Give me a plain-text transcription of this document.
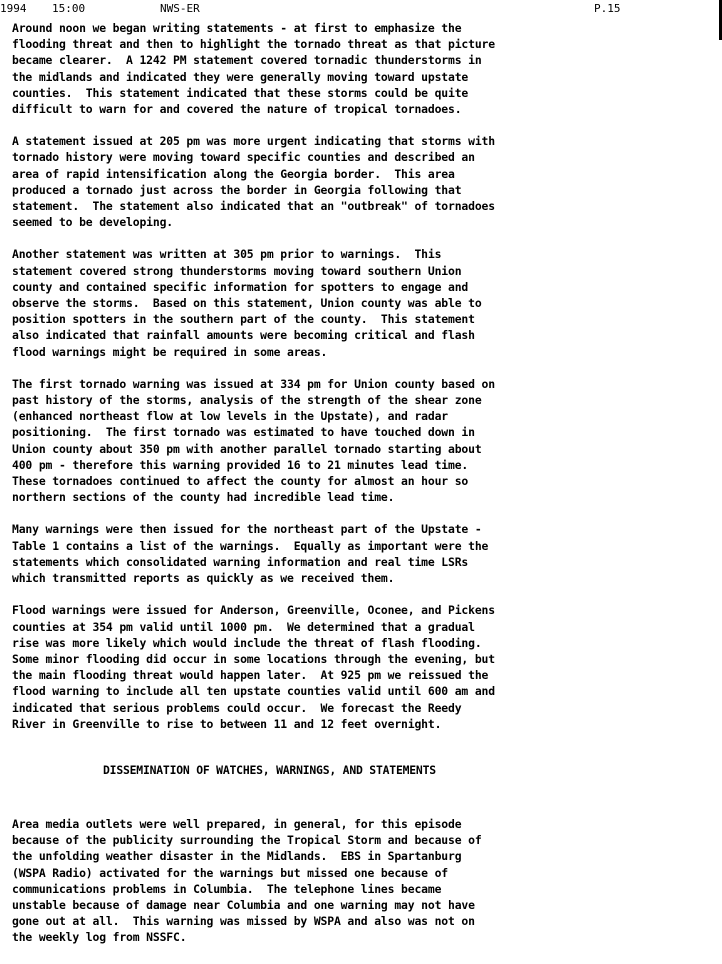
1994 15:00	NWS-ER	P.15

Around noon we began writing statements - at first to emphasize the
flooding threat and then to highlight the tornado threat as that picture
became clearer.  A 1242 PM statement covered tornadic thunderstorms in
the midlands and indicated they were generally moving toward upstate
counties.  This statement indicated that these storms could be quite
difficult to warn for and covered the nature of tropical tornadoes.

A statement issued at 205 pm was more urgent indicating that storms with
tornado history were moving toward specific counties and described an
area of rapid intensification along the Georgia border.  This area
produced a tornado just across the border in Georgia following that
statement.  The statement also indicated that an "outbreak" of tornadoes
seemed to be developing.

Another statement was written at 305 pm prior to warnings.  This
statement covered strong thunderstorms moving toward southern Union
county and contained specific information for spotters to engage and
observe the storms.  Based on this statement, Union county was able to
position spotters in the southern part of the county.  This statement
also indicated that rainfall amounts were becoming critical and flash
flood warnings might be required in some areas.

The first tornado warning was issued at 334 pm for Union county based on
past history of the storms, analysis of the strength of the shear zone
(enhanced northeast flow at low levels in the Upstate), and radar
positioning.  The first tornado was estimated to have touched down in
Union county about 350 pm with another parallel tornado starting about
400 pm - therefore this warning provided 16 to 21 minutes lead time.
These tornadoes continued to affect the county for almost an hour so
northern sections of the county had incredible lead time.

Many warnings were then issued for the northeast part of the Upstate -
Table 1 contains a list of the warnings.  Equally as important were the
statements which consolidated warning information and real time LSRs
which transmitted reports as quickly as we received them.

Flood warnings were issued for Anderson, Greenville, Oconee, and Pickens
counties at 354 pm valid until 1000 pm.  We determined that a gradual
rise was more likely which would include the threat of flash flooding.
Some minor flooding did occur in some locations through the evening, but
the main flooding threat would happen later.  At 925 pm we reissued the
flood warning to include all ten upstate counties valid until 600 am and
indicated that serious problems could occur.  We forecast the Reedy
River in Greenville to rise to between 11 and 12 feet overnight.

DISSEMINATION OF WATCHES, WARNINGS, AND STATEMENTS

Area media outlets were well prepared, in general, for this episode
because of the publicity surrounding the Tropical Storm and because of
the unfolding weather disaster in the Midlands.  EBS in Spartanburg
(WSPA Radio) activated for the warnings but missed one because of
communications problems in Columbia.  The telephone lines became
unstable because of damage near Columbia and one warning may not have
gone out at all.  This warning was missed by WSPA and also was not on
the weekly log from NSSFC.
